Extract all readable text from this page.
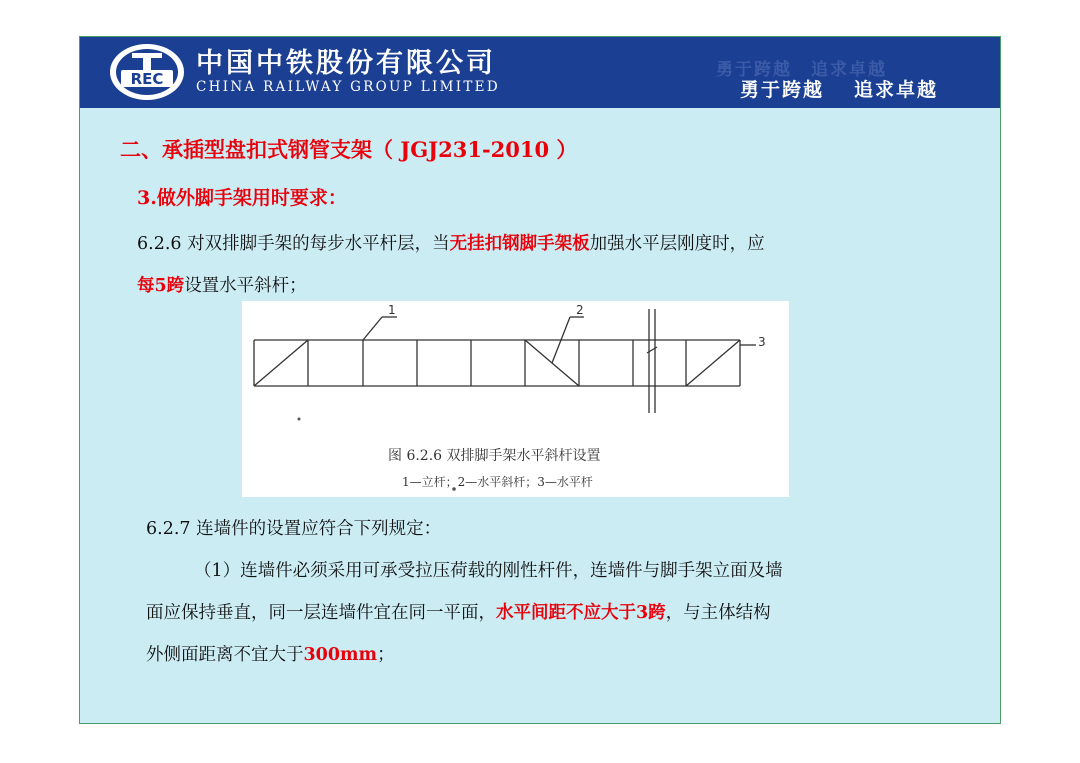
REC 中国中铁股份有限公司
CHINA RAILWAY GROUP LIMITED
勇于跨越　追求卓越
勇于跨越 追求卓越
二、承插型盘扣式钢管支架（ JGJ231-2010 ）
3.做外脚手架用时要求：
6.2.6 对双排脚手架的每步水平杆层，当无挂扣钢脚手架板加强水平层刚度时，应
每5跨设置水平斜杆；
1	2
3
图 6.2.6 双排脚手架水平斜杆设置
1—立杆；2—水平斜杆；3—水平杆
6.2.7 连墙件的设置应符合下列规定：
（1）连墙件必须采用可承受拉压荷载的刚性杆件，连墙件与脚手架立面及墙
面应保持垂直，同一层连墙件宜在同一平面，水平间距不应大于3跨，与主体结构
外侧面距离不宜大于300mm；
